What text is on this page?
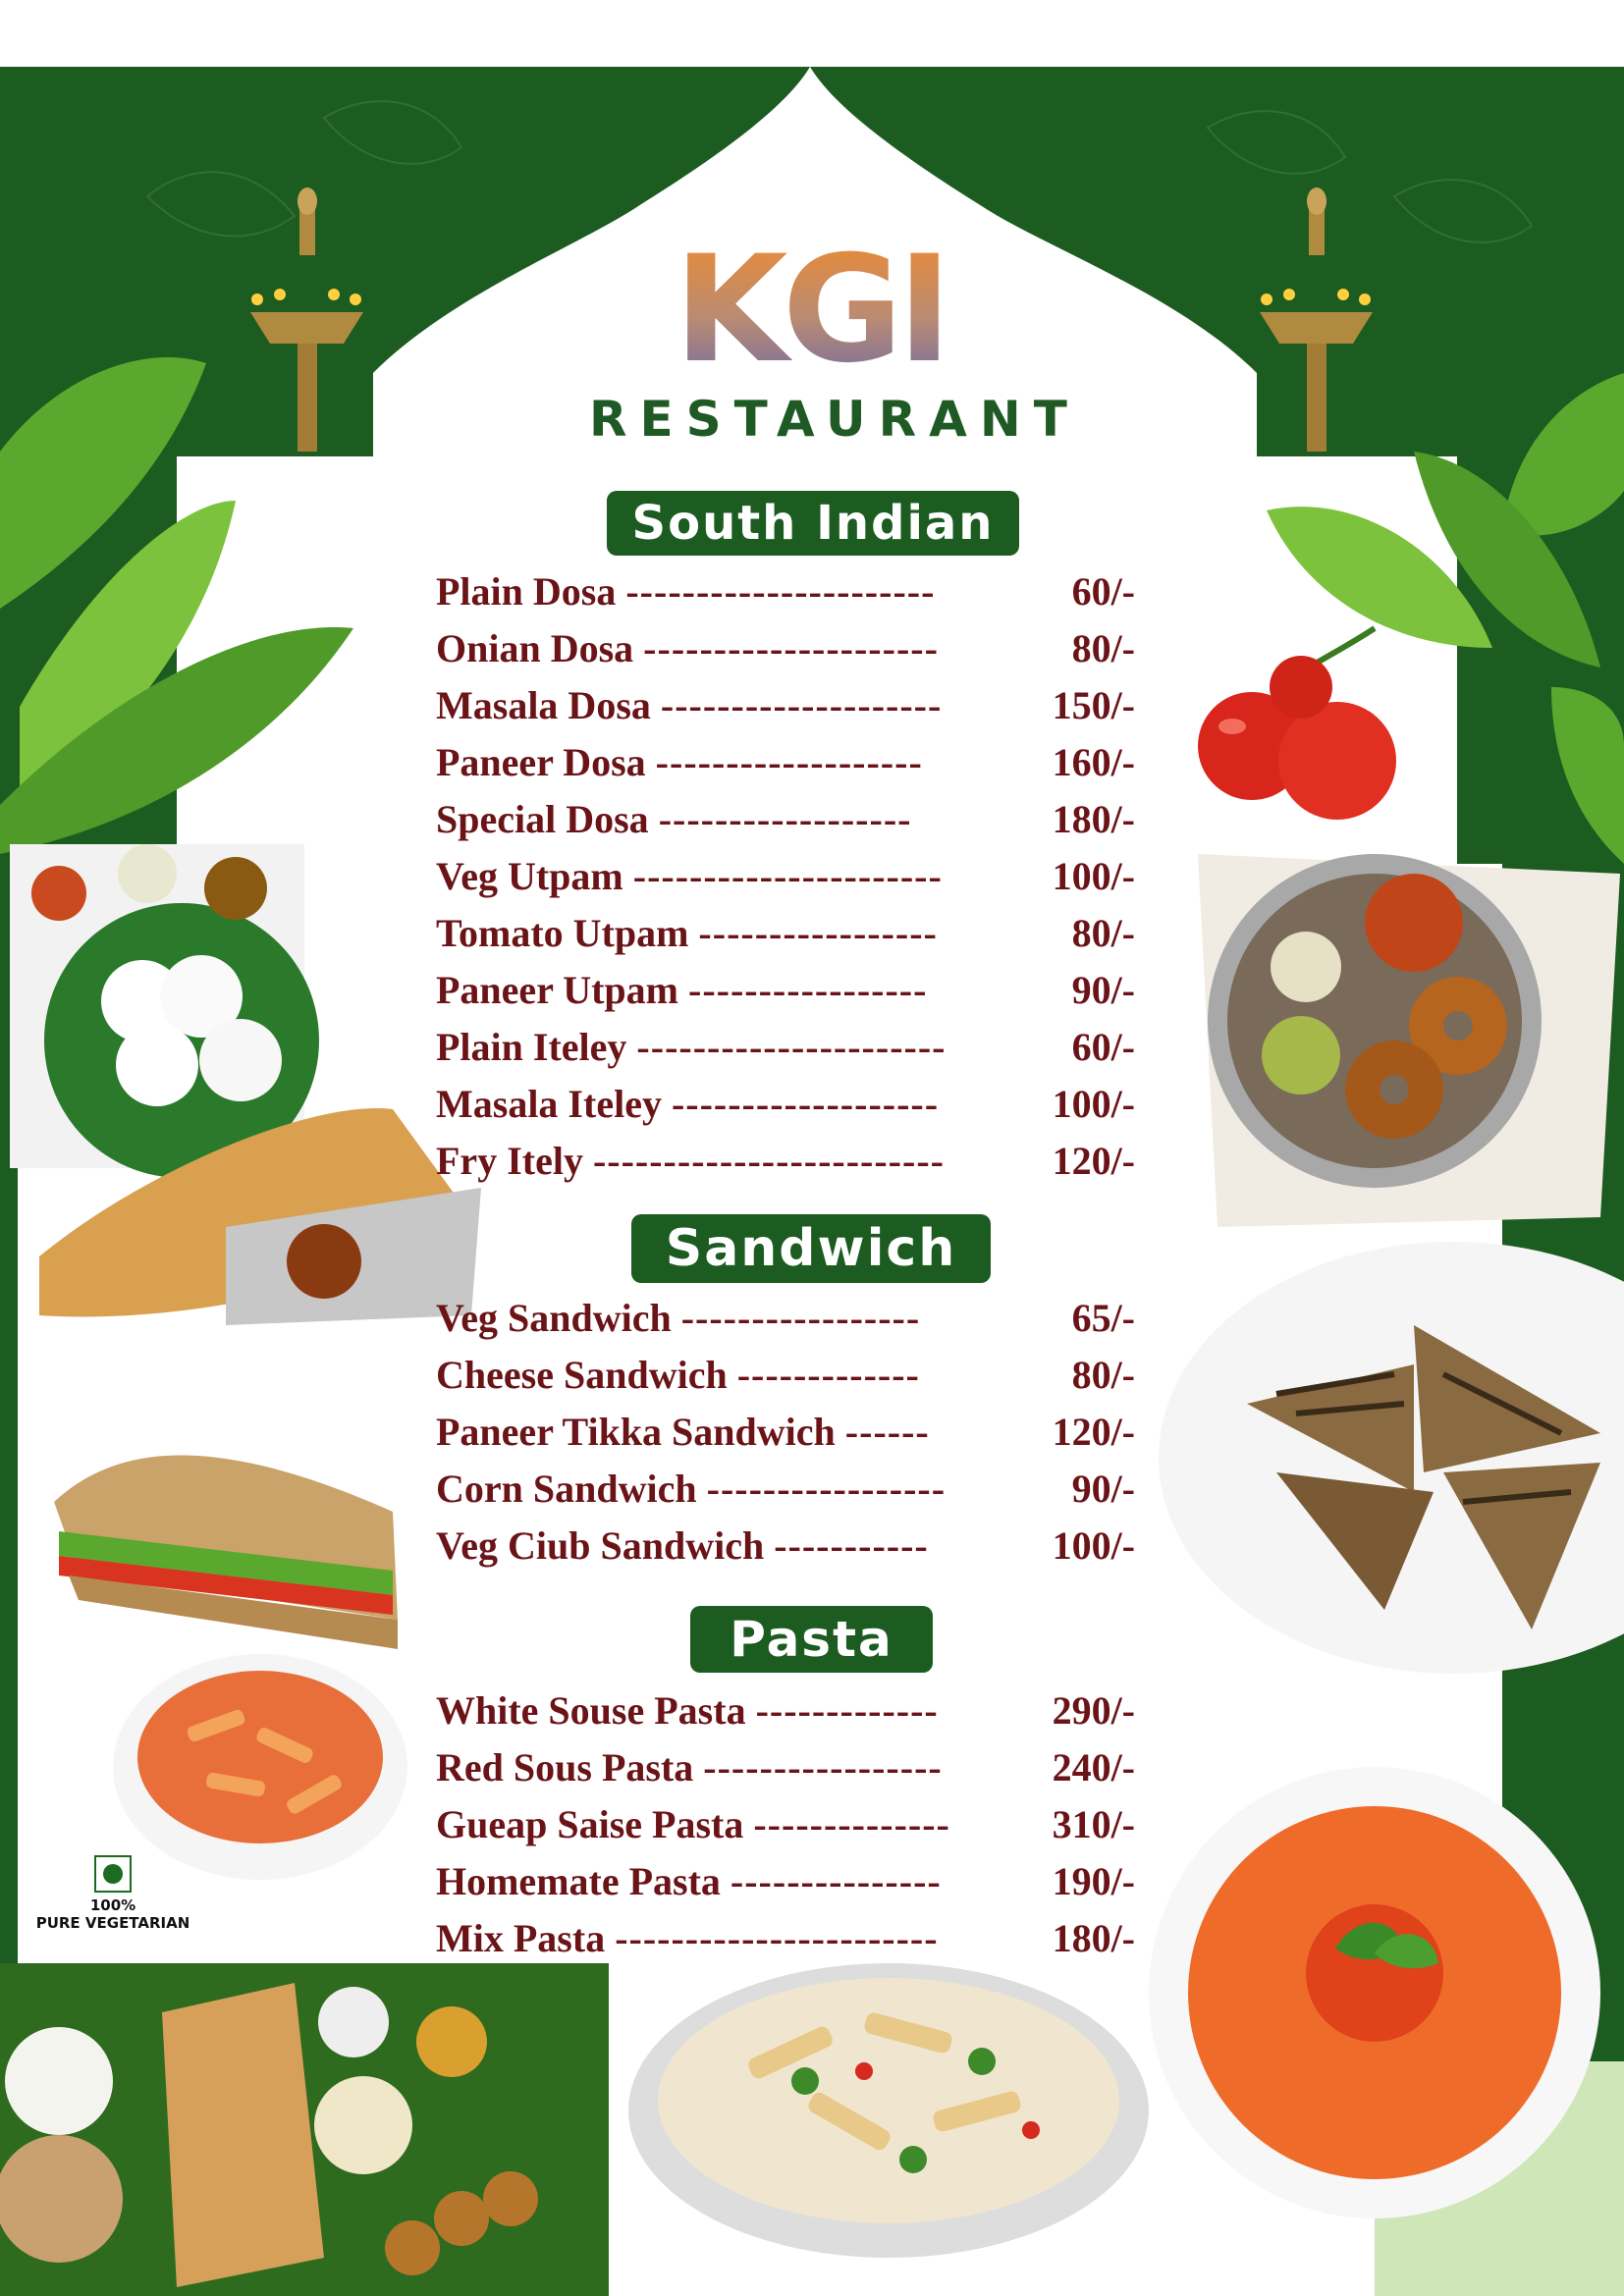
KGI
RESTAURANT
South Indian
Sandwich
Pasta
Plain Dosa ----------------------	60/-
Onian Dosa ---------------------	80/-
Masala Dosa --------------------	150/-
Paneer Dosa -------------------	160/-
Special Dosa ------------------	180/-
Veg Utpam ----------------------	100/-
Tomato Utpam -----------------	80/-
Paneer Utpam -----------------	90/-
Plain Iteley ----------------------	60/-
Masala Iteley -------------------	100/-
Fry Itely -------------------------	120/-
Veg Sandwich -----------------	65/-
Cheese Sandwich -------------	80/-
Paneer Tikka Sandwich ------	120/-
Corn Sandwich -----------------	90/-
Veg Ciub Sandwich -----------	100/-
White Souse Pasta -------------	290/-
Red Sous Pasta -----------------	240/-
Gueap Saise Pasta --------------	310/-
Homemate Pasta ---------------	190/-
Mix Pasta -----------------------	180/-
100%
PURE VEGETARIAN
